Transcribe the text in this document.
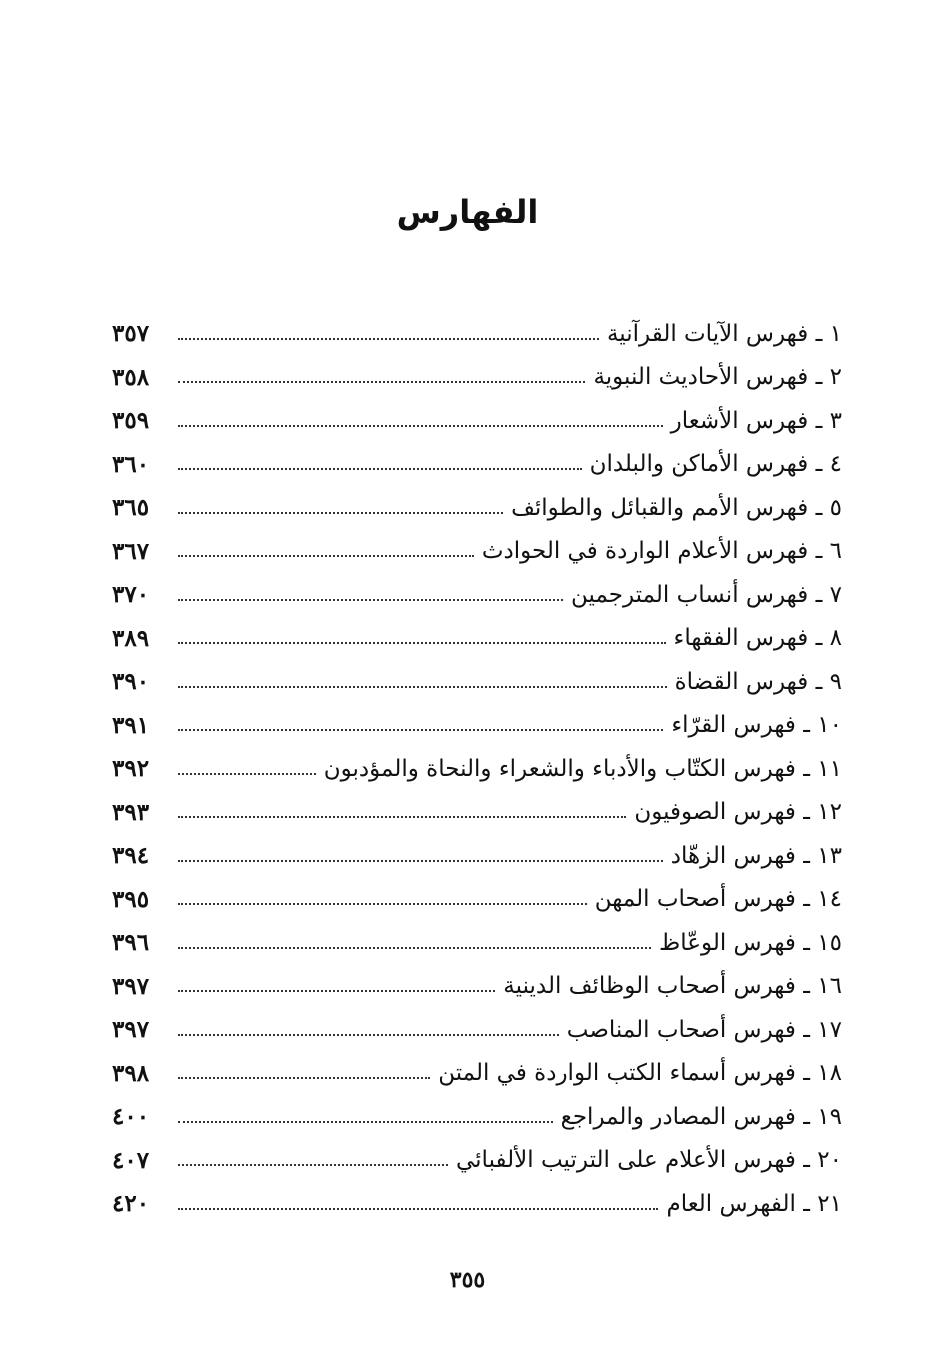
الفهارس
١ ـ فهرس الآيات القرآنية
٣٥٧
٢ ـ فهرس الأحاديث النبوية
٣٥٨
٣ ـ فهرس الأشعار
٣٥٩
٤ ـ فهرس الأماكن والبلدان
٣٦٠
٥ ـ فهرس الأمم والقبائل والطوائف
٣٦٥
٦ ـ فهرس الأعلام الواردة في الحوادث
٣٦٧
٧ ـ فهرس أنساب المترجمين
٣٧٠
٨ ـ فهرس الفقهاء
٣٨٩
٩ ـ فهرس القضاة
٣٩٠
١٠ ـ فهرس القرّاء
٣٩١
١١ ـ فهرس الكتّاب والأدباء والشعراء والنحاة والمؤدبون
٣٩٢
١٢ ـ فهرس الصوفيون
٣٩٣
١٣ ـ فهرس الزهّاد
٣٩٤
١٤ ـ فهرس أصحاب المهن
٣٩٥
١٥ ـ فهرس الوعّاظ
٣٩٦
١٦ ـ فهرس أصحاب الوظائف الدينية
٣٩٧
١٧ ـ فهرس أصحاب المناصب
٣٩٧
١٨ ـ فهرس أسماء الكتب الواردة في المتن
٣٩٨
١٩ ـ فهرس المصادر والمراجع
٤٠٠
٢٠ ـ فهرس الأعلام على الترتيب الألفبائي
٤٠٧
٢١ ـ الفهرس العام
٤٢٠
٣٥٥
